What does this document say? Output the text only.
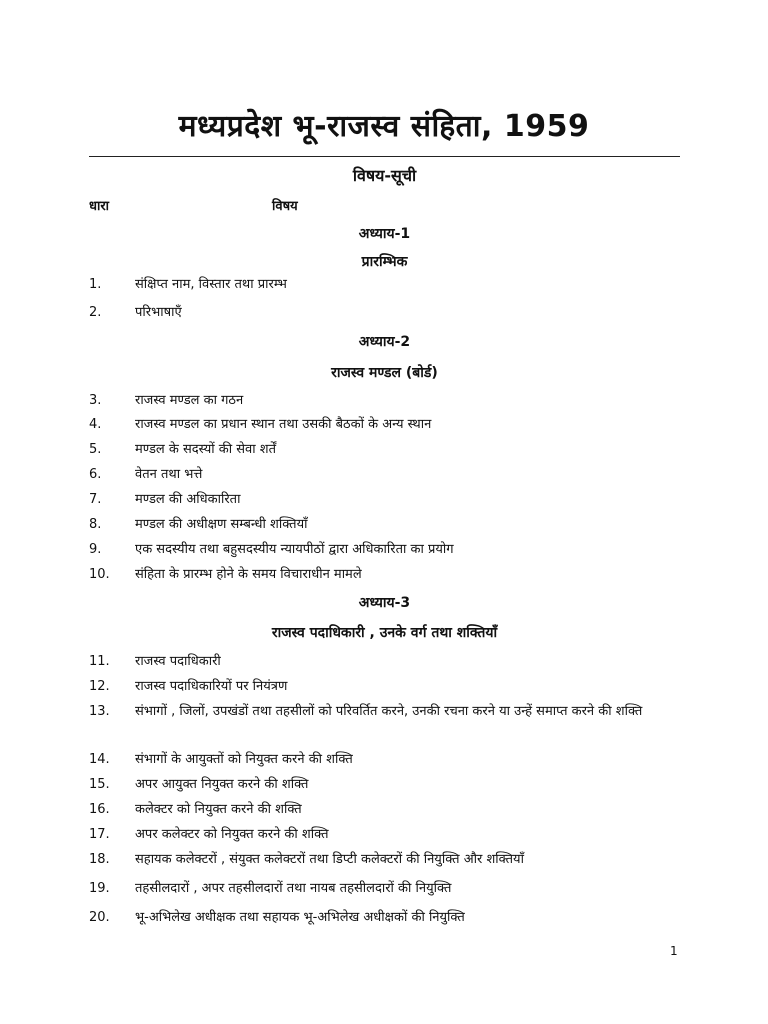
मध्यप्रदेश भू-राजस्व संहिता, 1959
विषय-सूची
धारा	विषय
अध्याय-1
प्रारम्भिक
1.	संक्षिप्त नाम, विस्तार तथा प्रारम्भ
2.	परिभाषाएँ
अध्याय-2
राजस्व मण्डल (बोर्ड)
3.	राजस्व मण्डल का गठन
4.	राजस्व मण्डल का प्रधान स्थान तथा उसकी बैठकों के अन्य स्थान
5.	मण्डल के सदस्यों की सेवा शर्तें
6.	वेतन तथा भत्ते
7.	मण्डल की अधिकारिता
8.	मण्डल की अधीक्षण सम्बन्धी शक्तियाँ
9.	एक सदस्यीय तथा बहुसदस्यीय न्यायपीठों द्वारा अधिकारिता का प्रयोग
10.	संहिता के प्रारम्भ होने के समय विचाराधीन मामले
अध्याय-3
राजस्व पदाधिकारी , उनके वर्ग तथा शक्तियाँ
11.	राजस्व पदाधिकारी
12.	राजस्व पदाधिकारियों पर नियंत्रण
13.	संभागों , जिलों, उपखंडों तथा तहसीलों को परिवर्तित करने, उनकी रचना करने या उन्हें समाप्त करने की शक्ति
14.	संभागों के आयुक्तों को नियुक्त करने की शक्ति
15.	अपर आयुक्त नियुक्त करने की शक्ति
16.	कलेक्टर को नियुक्त करने की शक्ति
17.	अपर कलेक्टर को नियुक्त करने की शक्ति
18.	सहायक कलेक्टरों , संयुक्त कलेक्टरों तथा डिप्टी कलेक्टरों की नियुक्ति और शक्तियाँ
19.	तहसीलदारों , अपर तहसीलदारों तथा नायब तहसीलदारों की नियुक्ति
20.	भू-अभिलेख अधीक्षक तथा सहायक भू-अभिलेख अधीक्षकों की नियुक्ति
1
